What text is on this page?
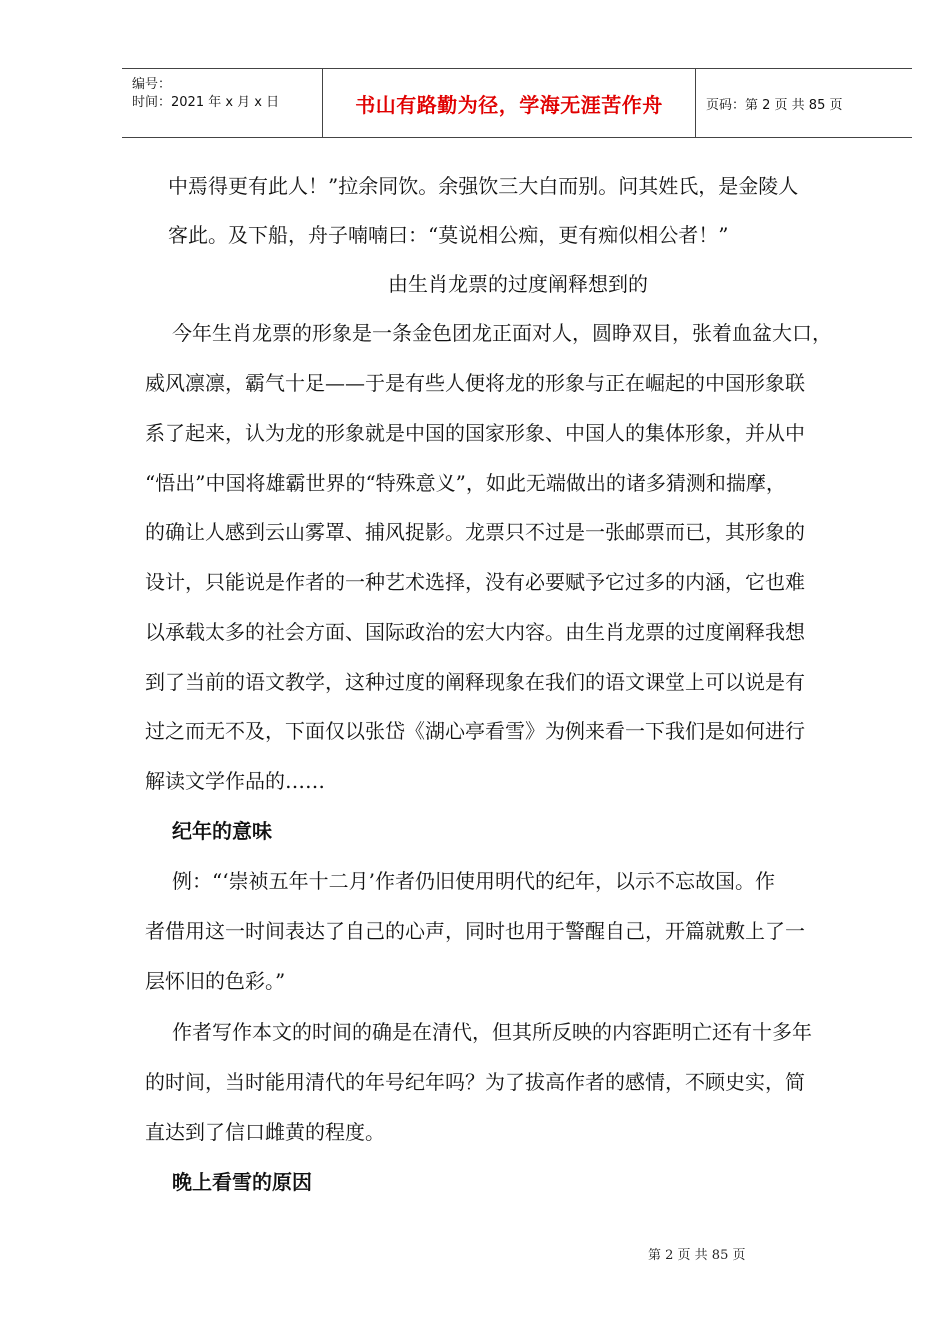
编号：
时间：2021 年 x 月 x 日	书山有路勤为径，学海无涯苦作舟	页码：第 2 页 共 85 页
中焉得更有此人！”拉余同饮。余强饮三大白而别。问其姓氏，是金陵人
客此。及下船，舟子喃喃曰：“莫说相公痴，更有痴似相公者！”
由生肖龙票的过度阐释想到的
今年生肖龙票的形象是一条金色团龙正面对人，圆睁双目，张着血盆大口，
威风凛凛，霸气十足——于是有些人便将龙的形象与正在崛起的中国形象联
系了起来，认为龙的形象就是中国的国家形象、中国人的集体形象，并从中
“悟出”中国将雄霸世界的“特殊意义”，如此无端做出的诸多猜测和揣摩，
的确让人感到云山雾罩、捕风捉影。龙票只不过是一张邮票而已，其形象的
设计，只能说是作者的一种艺术选择，没有必要赋予它过多的内涵，它也难
以承载太多的社会方面、国际政治的宏大内容。由生肖龙票的过度阐释我想
到了当前的语文教学，这种过度的阐释现象在我们的语文课堂上可以说是有
过之而无不及，下面仅以张岱《湖心亭看雪》为例来看一下我们是如何进行
解读文学作品的……
纪年的意味
例：“‘崇祯五年十二月’作者仍旧使用明代的纪年，以示不忘故国。作
者借用这一时间表达了自己的心声，同时也用于警醒自己，开篇就敷上了一
层怀旧的色彩。”
作者写作本文的时间的确是在清代，但其所反映的内容距明亡还有十多年
的时间，当时能用清代的年号纪年吗？为了拔高作者的感情，不顾史实，简
直达到了信口雌黄的程度。
晚上看雪的原因
第 2 页 共 85 页
